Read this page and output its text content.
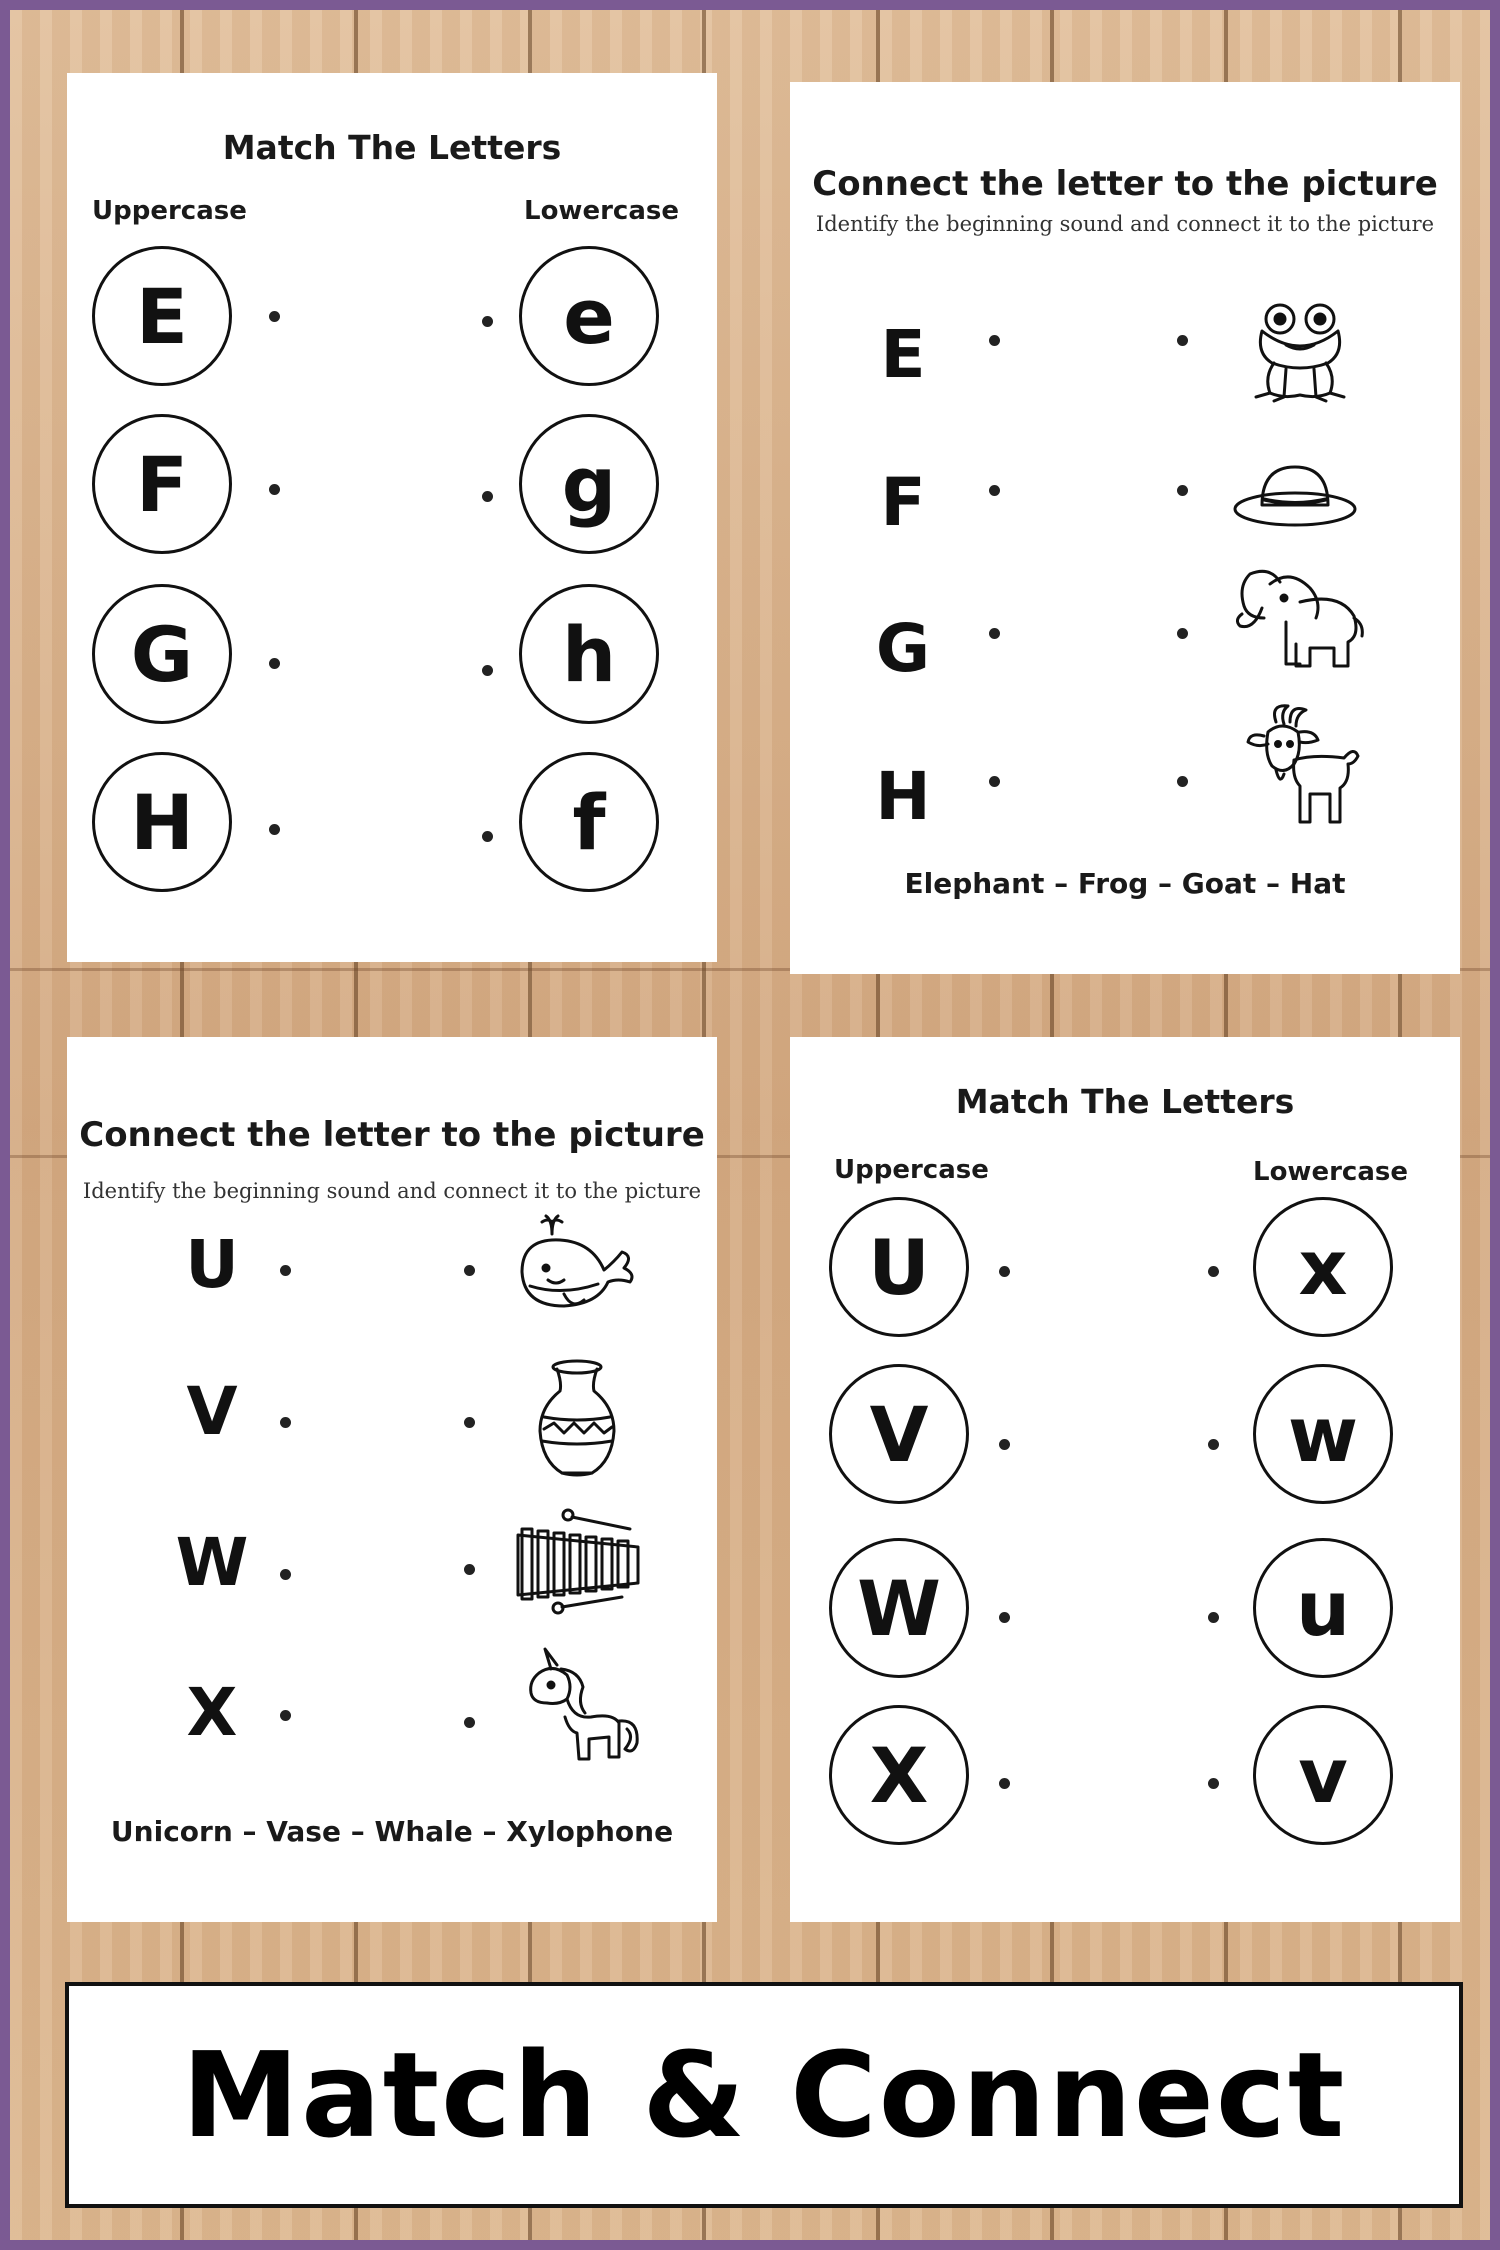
Match The Letters
Uppercase	Lowercase
E
F
G
H
e
g
h
f
Connect the letter to the picture

Identify the beginning sound and connect it to the picture

E
F
G
H

Elephant – Frog – Goat – Hat

Connect the letter to the picture

Identify the beginning sound and connect it to the picture

U
V
W
X

Unicorn – Vase – Whale – Xylophone

Match The Letters
Uppercase	Lowercase
U
V
W
X
x
w
u
v
Match & Connect
